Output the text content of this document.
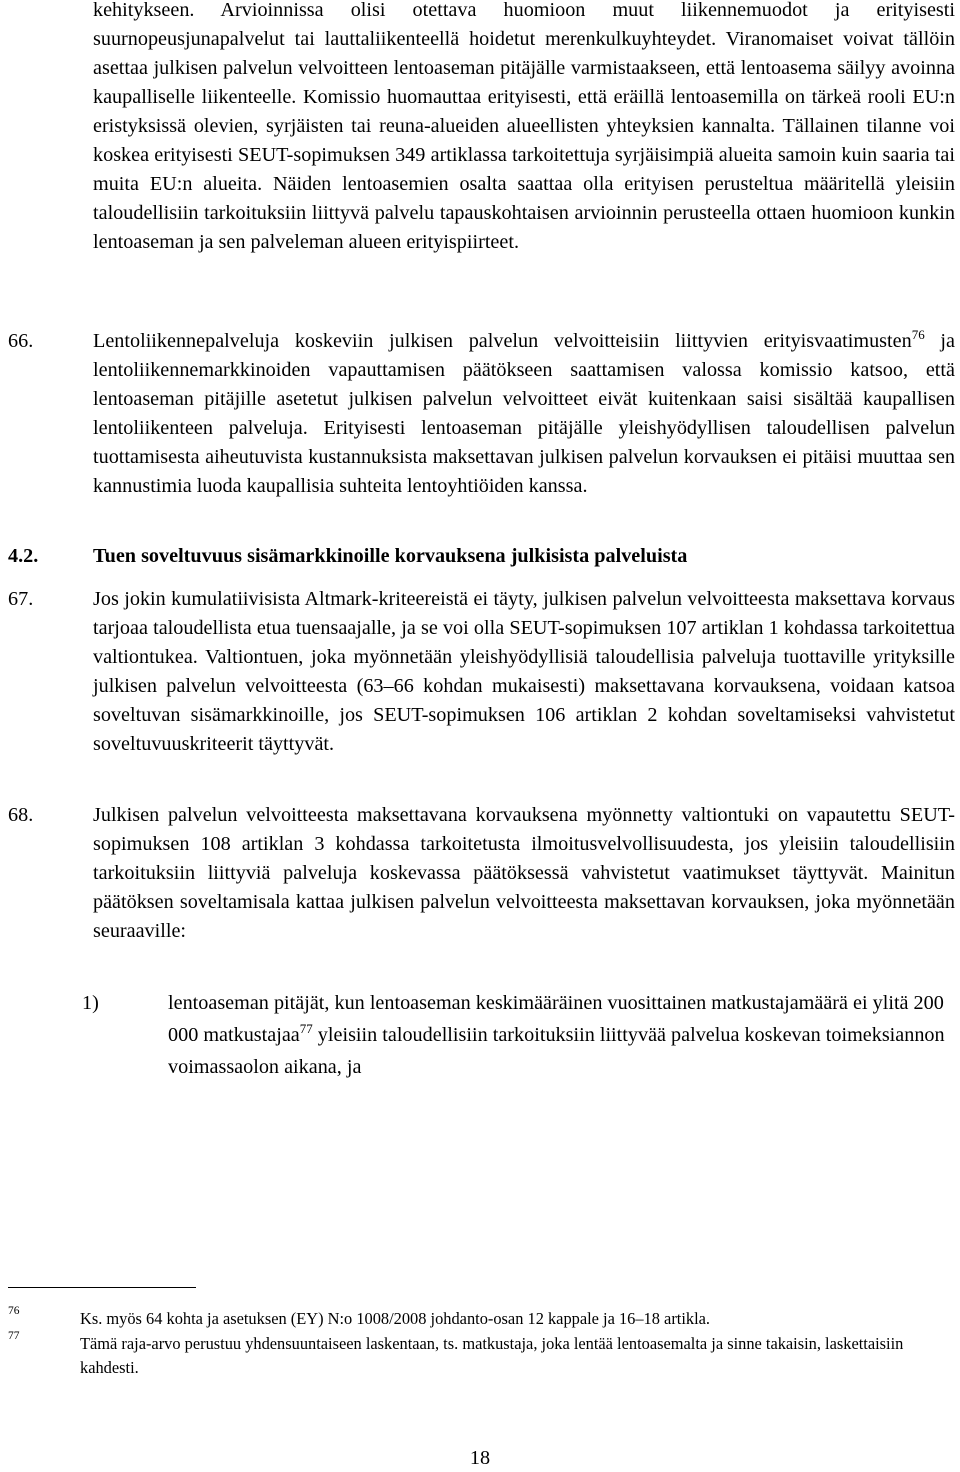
kehitykseen. Arvioinnissa olisi otettava huomioon muut liikennemuodot ja erityisesti suurnopeusjunapalvelut tai lauttaliikenteellä hoidetut merenkulkuyhteydet. Viranomaiset voivat tällöin asettaa julkisen palvelun velvoitteen lentoaseman pitäjälle varmistaakseen, että lentoasema säilyy avoinna kaupalliselle liikenteelle. Komissio huomauttaa erityisesti, että eräillä lentoasemilla on tärkeä rooli EU:n eristyksissä olevien, syrjäisten tai reuna-alueiden alueellisten yhteyksien kannalta. Tällainen tilanne voi koskea erityisesti SEUT-sopimuksen 349 artiklassa tarkoitettuja syrjäisimpiä alueita samoin kuin saaria tai muita EU:n alueita. Näiden lentoasemien osalta saattaa olla erityisen perusteltua määritellä yleisiin taloudellisiin tarkoituksiin liittyvä palvelu tapauskohtaisen arvioinnin perusteella ottaen huomioon kunkin lentoaseman ja sen palveleman alueen erityispiirteet.
66.	Lentoliikennepalveluja koskeviin julkisen palvelun velvoitteisiin liittyvien erityisvaatimusten$^{76}$ ja lentoliikennemarkkinoiden vapauttamisen päätökseen saattamisen valossa komissio katsoo, että lentoaseman pitäjille asetetut julkisen palvelun velvoitteet eivät kuitenkaan saisi sisältää kaupallisen lentoliikenteen palveluja. Erityisesti lentoaseman pitäjälle yleishyödyllisen taloudellisen palvelun tuottamisesta aiheutuvista kustannuksista maksettavan julkisen palvelun korvauksen ei pitäisi muuttaa sen kannustimia luoda kaupallisia suhteita lentoyhtiöiden kanssa.
4.2.	Tuen soveltuvuus sisämarkkinoille korvauksena julkisista palveluista
67.	Jos jokin kumulatiivisista Altmark-kriteereistä ei täyty, julkisen palvelun velvoitteesta maksettava korvaus tarjoaa taloudellista etua tuensaajalle, ja se voi olla SEUT-sopimuksen 107 artiklan 1 kohdassa tarkoitettua valtiontukea. Valtiontuen, joka myönnetään yleishyödyllisiä taloudellisia palveluja tuottaville yrityksille julkisen palvelun velvoitteesta (63–66 kohdan mukaisesti) maksettavana korvauksena, voidaan katsoa soveltuvan sisämarkkinoille, jos SEUT-sopimuksen 106 artiklan 2 kohdan soveltamiseksi vahvistetut soveltuvuuskriteerit täyttyvät.
68.	Julkisen palvelun velvoitteesta maksettavana korvauksena myönnetty valtiontuki on vapautettu SEUT-sopimuksen 108 artiklan 3 kohdassa tarkoitetusta ilmoitusvelvollisuudesta, jos yleisiin taloudellisiin tarkoituksiin liittyviä palveluja koskevassa päätöksessä vahvistetut vaatimukset täyttyvät. Mainitun päätöksen soveltamisala kattaa julkisen palvelun velvoitteesta maksettavan korvauksen, joka myönnetään seuraaville:
1)	lentoaseman pitäjät, kun lentoaseman keskimääräinen vuosittainen matkustajamäärä ei ylitä 200 000 matkustajaa$^{77}$ yleisiin taloudellisiin tarkoituksiin liittyvää palvelua koskevan toimeksiannon voimassaolon aikana, ja
76	Ks. myös 64 kohta ja asetuksen (EY) N:o 1008/2008 johdanto-osan 12 kappale ja 16–18 artikla.
77	Tämä raja-arvo perustuu yhdensuuntaiseen laskentaan, ts. matkustaja, joka lentää lentoasemalta ja sinne takaisin, laskettaisiin kahdesti.
18
